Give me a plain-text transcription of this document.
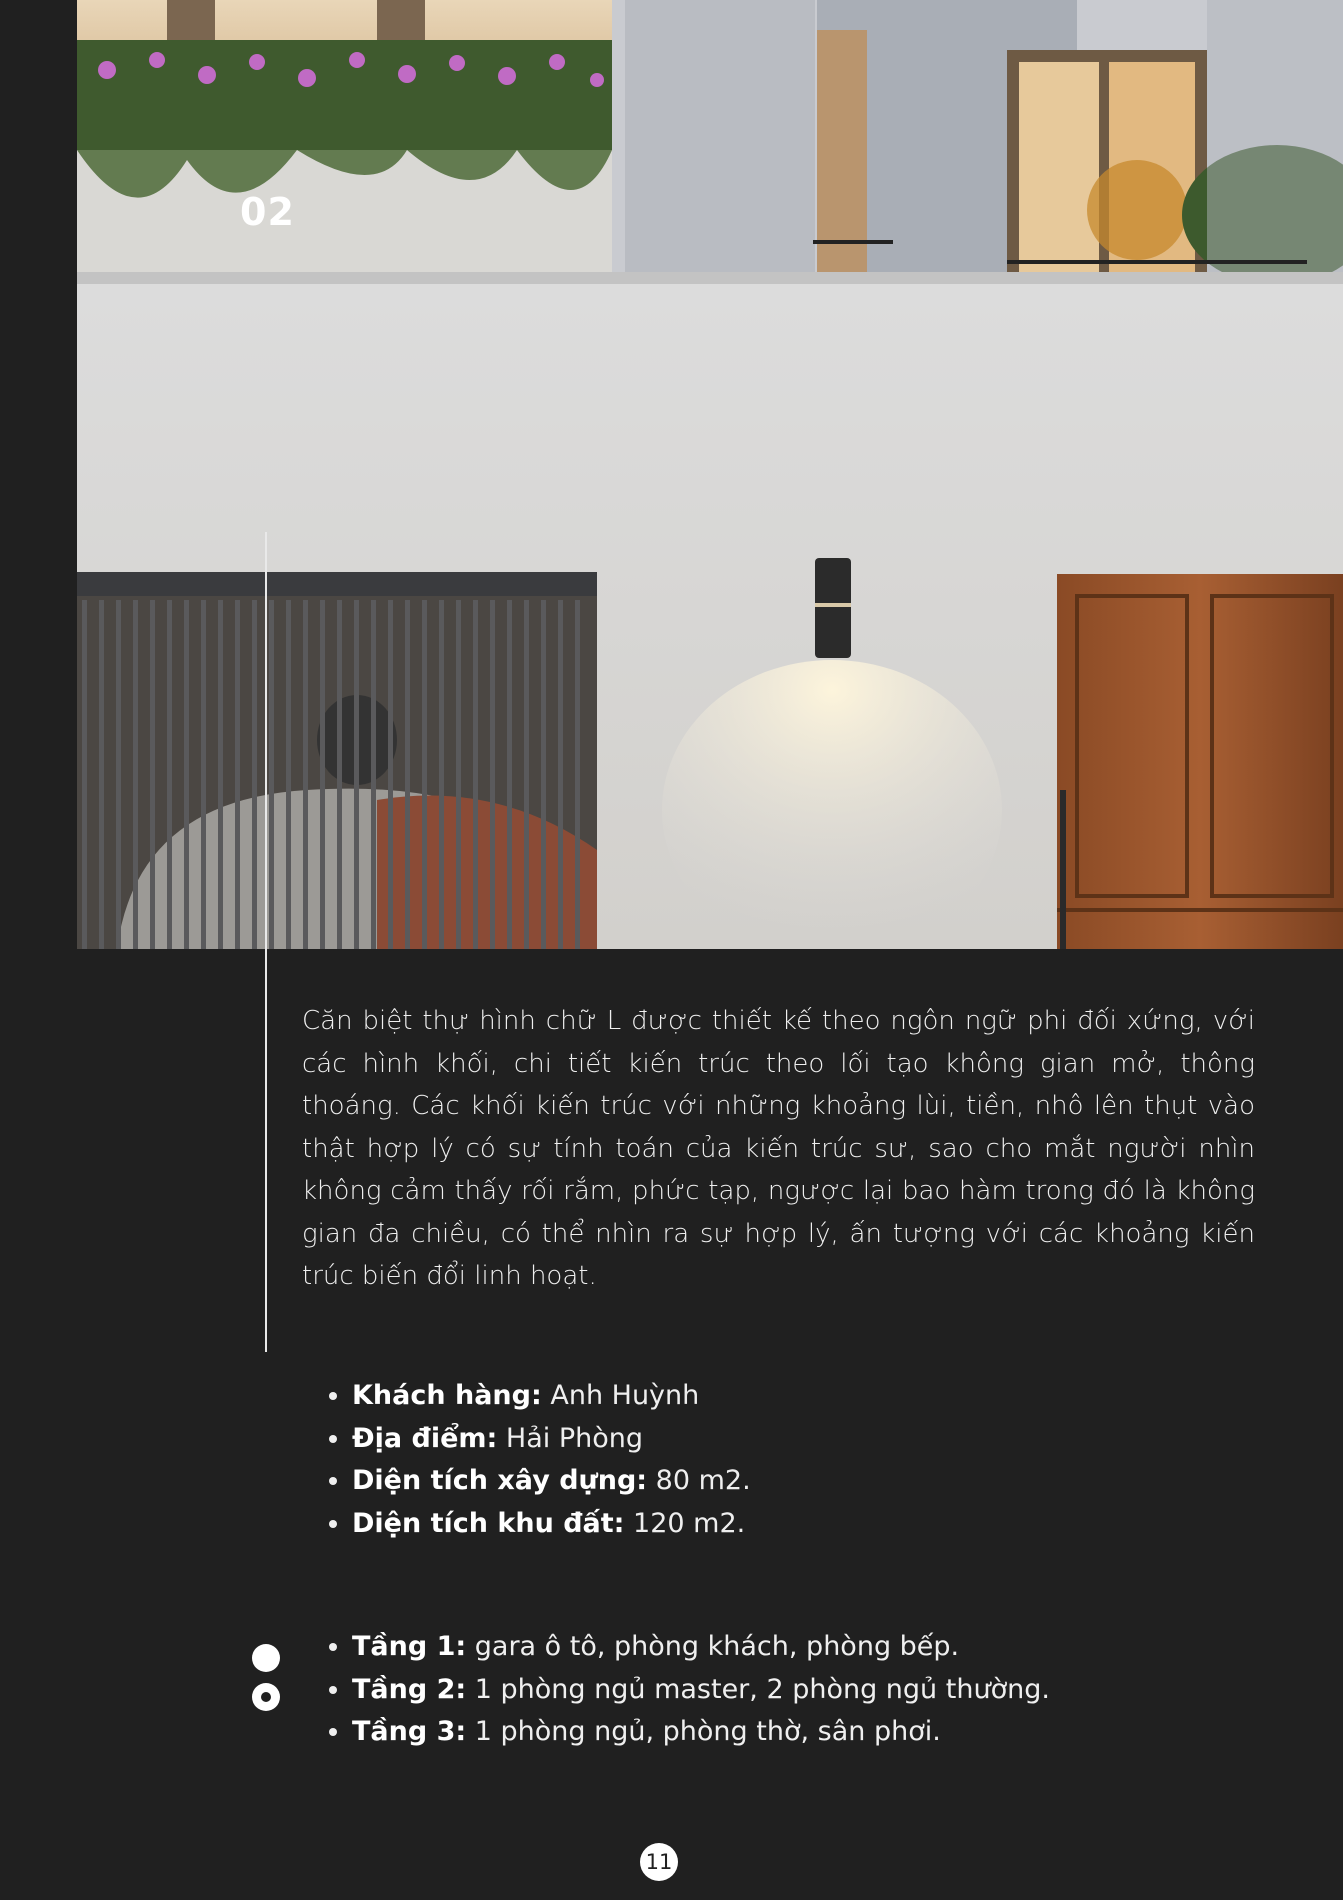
02

Căn biệt thự hình chữ L được thiết kế theo ngôn ngữ phi đối xứng, với các hình khối, chi tiết kiến trúc theo lối tạo không gian mở, thông thoáng. Các khối kiến trúc với những khoảng lùi, tiền, nhô lên thụt vào thật hợp lý có sự tính toán của kiến trúc sư, sao cho mắt người nhìn không cảm thấy rối rắm, phức tạp, ngược lại bao hàm trong đó là không gian đa chiều, có thể nhìn ra sự hợp lý, ấn tượng với các khoảng kiến trúc biến đổi linh hoạt.

• Khách hàng: Anh Huỳnh
• Địa điểm: Hải Phòng
• Diện tích xây dựng: 80 m2.
• Diện tích khu đất: 120 m2.
• Tầng 1: gara ô tô, phòng khách, phòng bếp.
• Tầng 2: 1 phòng ngủ master, 2 phòng ngủ thường.
• Tầng 3: 1 phòng ngủ, phòng thờ, sân phơi.
11
